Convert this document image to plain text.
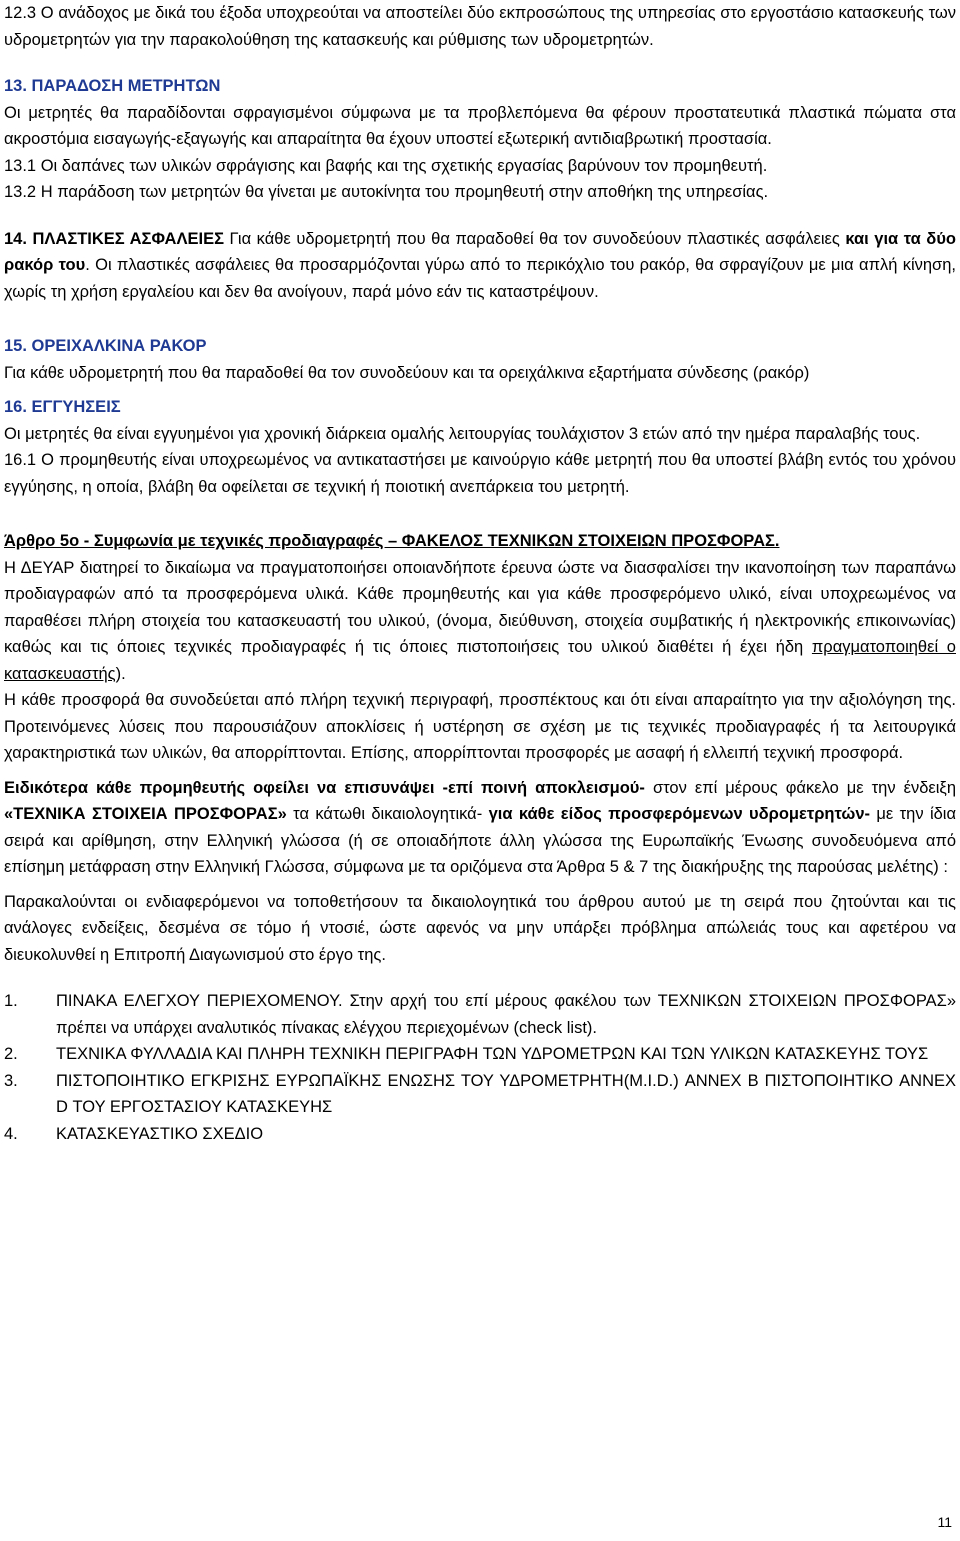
12.3 Ο ανάδοχος με δικά του έξοδα υποχρεούται να αποστείλει δύο εκπροσώπους της υπηρεσίας στο εργοστάσιο κατασκευής των υδρομετρητών για την παρακολούθηση της κατασκευής και ρύθμισης των υδρομετρητών.

13. ΠΑΡΑΔΟΣΗ ΜΕΤΡΗΤΩΝ

Οι μετρητές θα παραδίδονται σφραγισμένοι σύμφωνα με τα προβλεπόμενα θα φέρουν προστατευτικά πλαστικά πώματα στα ακροστόμια εισαγωγής-εξαγωγής και απαραίτητα θα έχουν υποστεί εξωτερική αντιδιαβρωτική προστασία.

13.1 Οι δαπάνες των υλικών σφράγισης και βαφής και της σχετικής εργασίας βαρύνουν τον προμηθευτή.

13.2 Η παράδοση των μετρητών θα γίνεται με αυτοκίνητα του προμηθευτή στην αποθήκη της υπηρεσίας.

14. ΠΛΑΣΤΙΚΕΣ ΑΣΦΑΛΕΙΕΣ Για κάθε υδρομετρητή που θα παραδοθεί θα τον συνοδεύουν πλαστικές ασφάλειες και για τα δύο ρακόρ του. Οι πλαστικές ασφάλειες θα προσαρμόζονται γύρω από το περικόχλιο του ρακόρ, θα σφραγίζουν με μια απλή κίνηση, χωρίς τη χρήση εργαλείου και δεν θα ανοίγουν, παρά μόνο εάν τις καταστρέψουν.

15. ΟΡΕΙΧΑΛΚΙΝΑ ΡΑΚΟΡ

Για κάθε υδρομετρητή που θα παραδοθεί θα τον συνοδεύουν και τα ορειχάλκινα εξαρτήματα σύνδεσης (ρακόρ)

16. ΕΓΓΥΗΣΕΙΣ

Οι μετρητές θα είναι εγγυημένοι για χρονική διάρκεια ομαλής λειτουργίας τουλάχιστον 3 ετών από την ημέρα παραλαβής τους.

16.1 Ο προμηθευτής είναι υποχρεωμένος να αντικαταστήσει με καινούργιο κάθε μετρητή που θα υποστεί βλάβη εντός του χρόνου εγγύησης, η οποία, βλάβη θα οφείλεται σε τεχνική ή ποιοτική ανεπάρκεια του μετρητή.

Άρθρο 5ο - Συμφωνία με τεχνικές προδιαγραφές – ΦΑΚΕΛΟΣ ΤΕΧΝΙΚΩΝ ΣΤΟΙΧΕΙΩΝ ΠΡΟΣΦΟΡΑΣ.

Η ΔΕΥΑΡ διατηρεί το δικαίωμα να πραγματοποιήσει οποιανδήποτε έρευνα ώστε να διασφαλίσει την ικανοποίηση των παραπάνω προδιαγραφών από τα προσφερόμενα υλικά. Κάθε προμηθευτής και για κάθε προσφερόμενο υλικό, είναι υποχρεωμένος να παραθέσει πλήρη στοιχεία του κατασκευαστή του υλικού, (όνομα, διεύθυνση, στοιχεία συμβατικής ή ηλεκτρονικής επικοινωνίας) καθώς και τις όποιες τεχνικές προδιαγραφές ή τις όποιες πιστοποιήσεις του υλικού διαθέτει ή έχει ήδη πραγματοποιηθεί ο κατασκευαστής).

Η κάθε προσφορά θα συνοδεύεται από πλήρη τεχνική περιγραφή, προσπέκτους και ότι είναι απαραίτητο για την αξιολόγηση της. Προτεινόμενες λύσεις που παρουσιάζουν αποκλίσεις ή υστέρηση σε σχέση με τις τεχνικές προδιαγραφές ή τα λειτουργικά χαρακτηριστικά των υλικών, θα απορρίπτονται. Επίσης, απορρίπτονται προσφορές με ασαφή ή ελλειπή τεχνική προσφορά.

Ειδικότερα κάθε προμηθευτής οφείλει να επισυνάψει -επί ποινή αποκλεισμού- στον επί μέρους φάκελο με την ένδειξη «ΤΕΧΝΙΚΑ ΣΤΟΙΧΕΙΑ ΠΡΟΣΦΟΡΑΣ» τα κάτωθι δικαιολογητικά- για κάθε είδος προσφερόμενων υδρομετρητών- με την ίδια σειρά και αρίθμηση, στην Ελληνική γλώσσα (ή σε οποιαδήποτε άλλη γλώσσα της Ευρωπαϊκής Ένωσης συνοδευόμενα από επίσημη μετάφραση στην Ελληνική Γλώσσα, σύμφωνα με τα οριζόμενα στα Άρθρα 5 & 7 της διακήρυξης της παρούσας μελέτης) :

Παρακαλούνται οι ενδιαφερόμενοι να τοποθετήσουν τα δικαιολογητικά του άρθρου αυτού με τη σειρά που ζητούνται και τις ανάλογες ενδείξεις, δεσμένα σε τόμο ή ντοσιέ, ώστε αφενός να μην υπάρξει πρόβλημα απώλειάς τους και αφετέρου να διευκολυνθεί η Επιτροπή Διαγωνισμού στο έργο της.

1. ΠΙΝΑΚΑ ΕΛΕΓΧΟΥ ΠΕΡΙΕΧΟΜΕΝΟΥ. Στην αρχή του επί μέρους φακέλου των ΤΕΧΝΙΚΩΝ ΣΤΟΙΧΕΙΩΝ ΠΡΟΣΦΟΡΑΣ» πρέπει να υπάρχει αναλυτικός πίνακας ελέγχου περιεχομένων (check list).
2. ΤΕΧΝΙΚΑ ΦΥΛΛΑΔΙΑ ΚΑΙ ΠΛΗΡΗ ΤΕΧΝΙΚΗ ΠΕΡΙΓΡΑΦΗ ΤΩΝ ΥΔΡΟΜΕΤΡΩΝ ΚΑΙ ΤΩΝ ΥΛΙΚΩΝ ΚΑΤΑΣΚΕΥΗΣ ΤΟΥΣ
3. ΠΙΣΤΟΠΟΙΗΤΙΚΟ ΕΓΚΡΙΣΗΣ ΕΥΡΩΠΑΪΚΗΣ ΕΝΩΣΗΣ ΤΟΥ ΥΔΡΟΜΕΤΡΗΤΗ(Μ.Ι.D.) ANNEX B ΠΙΣΤΟΠΟΙΗΤΙΚΟ ANNEX D ΤΟΥ ΕΡΓΟΣΤΑΣΙΟΥ ΚΑΤΑΣΚΕΥΗΣ
4. ΚΑΤΑΣΚΕΥΑΣΤΙΚΟ ΣΧΕΔΙΟ
11
